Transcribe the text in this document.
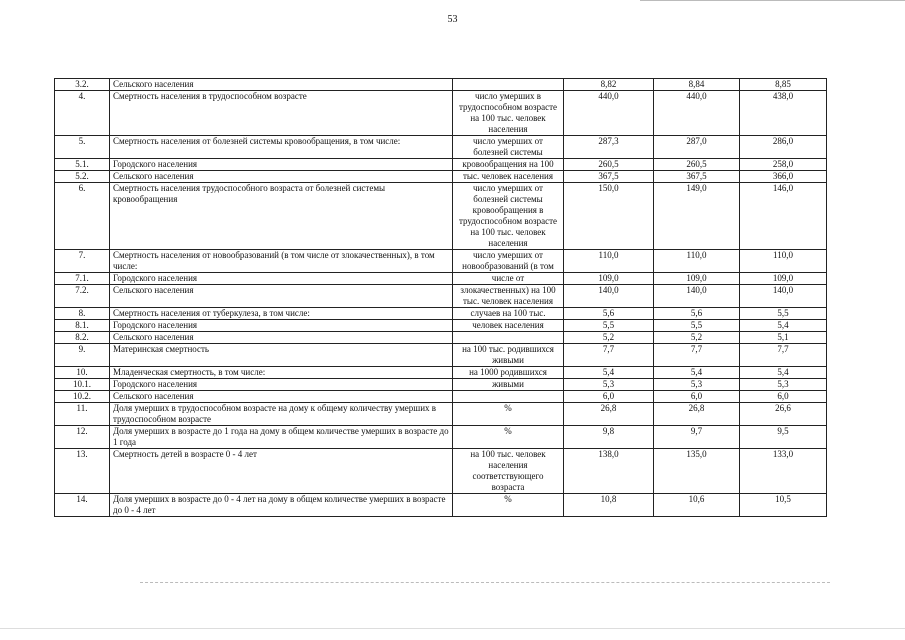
53
3.2.	Сельского населения		8,82	8,84	8,85
4.	Смертность населения в трудоспособном возрасте	число умерших в трудоспособном возрасте на 100 тыс. человек населения	440,0	440,0	438,0
5.	Смертность населения от болезней системы кровообращения, в том числе:	число умерших от болезней системы	287,3	287,0	286,0
5.1.	Городского населения	кровообращения на 100	260,5	260,5	258,0
5.2.	Сельского населения	тыс. человек населения	367,5	367,5	366,0
6.	Смертность населения трудоспособного возраста от болезней системы кровообращения	число умерших от болезней системы кровообращения в трудоспособном возрасте на 100 тыс. человек населения	150,0	149,0	146,0
7.	Смертность населения от новообразований (в том числе от злокачественных), в том числе:	число умерших от новообразований (в том	110,0	110,0	110,0
7.1.	Городского населения	числе от	109,0	109,0	109,0
7.2.	Сельского населения	злокачественных) на 100 тыс. человек населения	140,0	140,0	140,0
8.	Смертность населения от туберкулеза, в том числе:	случаев на 100 тыс.	5,6	5,6	5,5
8.1.	Городского населения	человек населения	5,5	5,5	5,4
8.2.	Сельского населения		5,2	5,2	5,1
9.	Материнская смертность	на 100 тыс. родившихся живыми	7,7	7,7	7,7
10.	Младенческая смертность, в том числе:	на 1000 родившихся	5,4	5,4	5,4
10.1.	Городского населения	живыми	5,3	5,3	5,3
10.2.	Сельского населения		6,0	6,0	6,0
11.	Доля умерших в трудоспособном возрасте на дому к общему количеству умерших в трудоспособном возрасте	%	26,8	26,8	26,6
12.	Доля умерших в возрасте до 1 года на дому в общем количестве умерших в возрасте до 1 года	%	9,8	9,7	9,5
13.	Смертность детей в возрасте 0 - 4 лет	на 100 тыс. человек населения соответствующего возраста	138,0	135,0	133,0
14.	Доля умерших в возрасте до 0 - 4 лет на дому в общем количестве умерших в возрасте до 0 - 4 лет	%	10,8	10,6	10,5
